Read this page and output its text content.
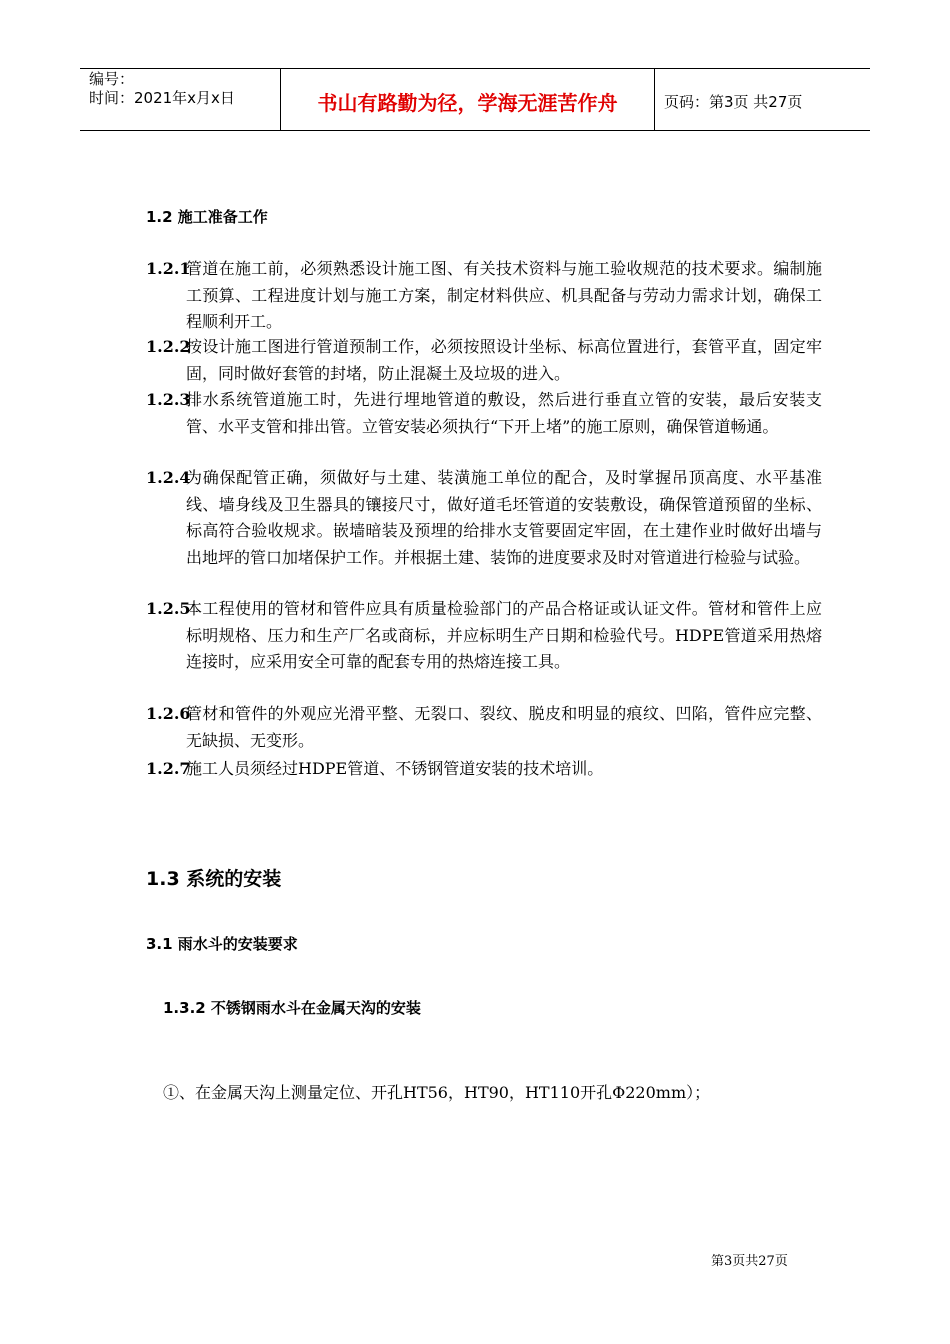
编号：
时间：2021年x月x日	书山有路勤为径，学海无涯苦作舟	页码：第3页 共27页
1.2 施工准备工作
1.2.1
管道在施工前，必须熟悉设计施工图、有关技术资料与施工验收规范的技术要求。编制施工预算、工程进度计划与施工方案，制定材料供应、机具配备与劳动力需求计划，确保工程顺利开工。
1.2.2
按设计施工图进行管道预制工作，必须按照设计坐标、标高位置进行，套管平直，固定牢固，同时做好套管的封堵，防止混凝土及垃圾的进入。
1.2.3
排水系统管道施工时，先进行埋地管道的敷设，然后进行垂直立管的安装，最后安装支管、水平支管和排出管。立管安装必须执行“下开上堵”的施工原则，确保管道畅通。
1.2.4
为确保配管正确，须做好与土建、装潢施工单位的配合，及时掌握吊顶高度、水平基准线、墙身线及卫生器具的镶接尺寸，做好道毛坯管道的安装敷设，确保管道预留的坐标、标高符合验收规求。嵌墙暗装及预埋的给排水支管要固定牢固，在土建作业时做好出墙与出地坪的管口加堵保护工作。并根据土建、装饰的进度要求及时对管道进行检验与试验。
1.2.5
本工程使用的管材和管件应具有质量检验部门的产品合格证或认证文件。管材和管件上应标明规格、压力和生产厂名或商标，并应标明生产日期和检验代号。HDPE管道采用热熔连接时，应采用安全可靠的配套专用的热熔连接工具。
1.2.6
管材和管件的外观应光滑平整、无裂口、裂纹、脱皮和明显的痕纹、凹陷，管件应完整、无缺损、无变形。
1.2.7
施工人员须经过HDPE管道、不锈钢管道安装的技术培训。
1.3 系统的安装
3.1 雨水斗的安装要求
1.3.2 不锈钢雨水斗在金属天沟的安装
①、在金属天沟上测量定位、开孔HT56，HT90，HT110开孔Φ220mm）；
第3页共27页
